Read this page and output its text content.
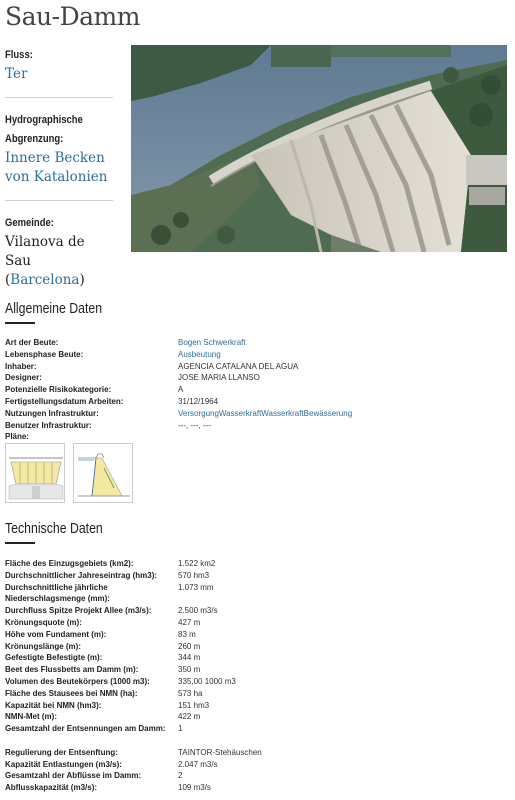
Sau-Damm
Fluss:
Ter
Hydrographische
Abgrenzung:
Innere Becken
von Katalonien
Gemeinde:
Vilanova de Sau
(Barcelona)
Allgemeine Daten
Art der Beute:	Bogen Schwerkraft
Lebensphase Beute:	Ausbeutung
Inhaber:	AGENCIA CATALANA DEL AGUA
Designer:	JOSE MARIA LLANSO
Potenzielle Risikokategorie:	A
Fertigstellungsdatum Arbeiten:	31/12/1964
Nutzungen Infrastruktur:	VersorgungWasserkraftWasserkraftBewässerung
Benutzer Infrastruktur:	---, ---, ---
Pläne:
Technische Daten
Fläche des Einzugsgebiets (km2):	1.522 km2
Durchschnittlicher Jahreseintrag (hm3):	570 hm3
Durchschnittliche jährliche Niederschlagsmenge (mm):
1.073 mm
Durchfluss Spitze Projekt Allee (m3/s):	2.500 m3/s
Krönungsquote (m):	427 m
Höhe vom Fundament (m):	83 m
Krönungslänge (m):	260 m
Gefestigte Befestigte (m):	344 m
Beet des Flussbetts am Damm (m):	350 m
Volumen des Beutekörpers (1000 m3):	335,00 1000 m3
Fläche des Stausees bei NMN (ha):	573 ha
Kapazität bei NMN (hm3):	151 hm3
NMN-Met (m):	422 m
Gesamtzahl der Entsennungen am Damm:	1
Regulierung der Entsenftung:	TAINTOR-Stehäuschen
Kapazität Entlastungen (m3/s):	2.047 m3/s
Gesamtzahl der Abflüsse im Damm:	2
Abflusskapazität (m3/s):	109 m3/s
